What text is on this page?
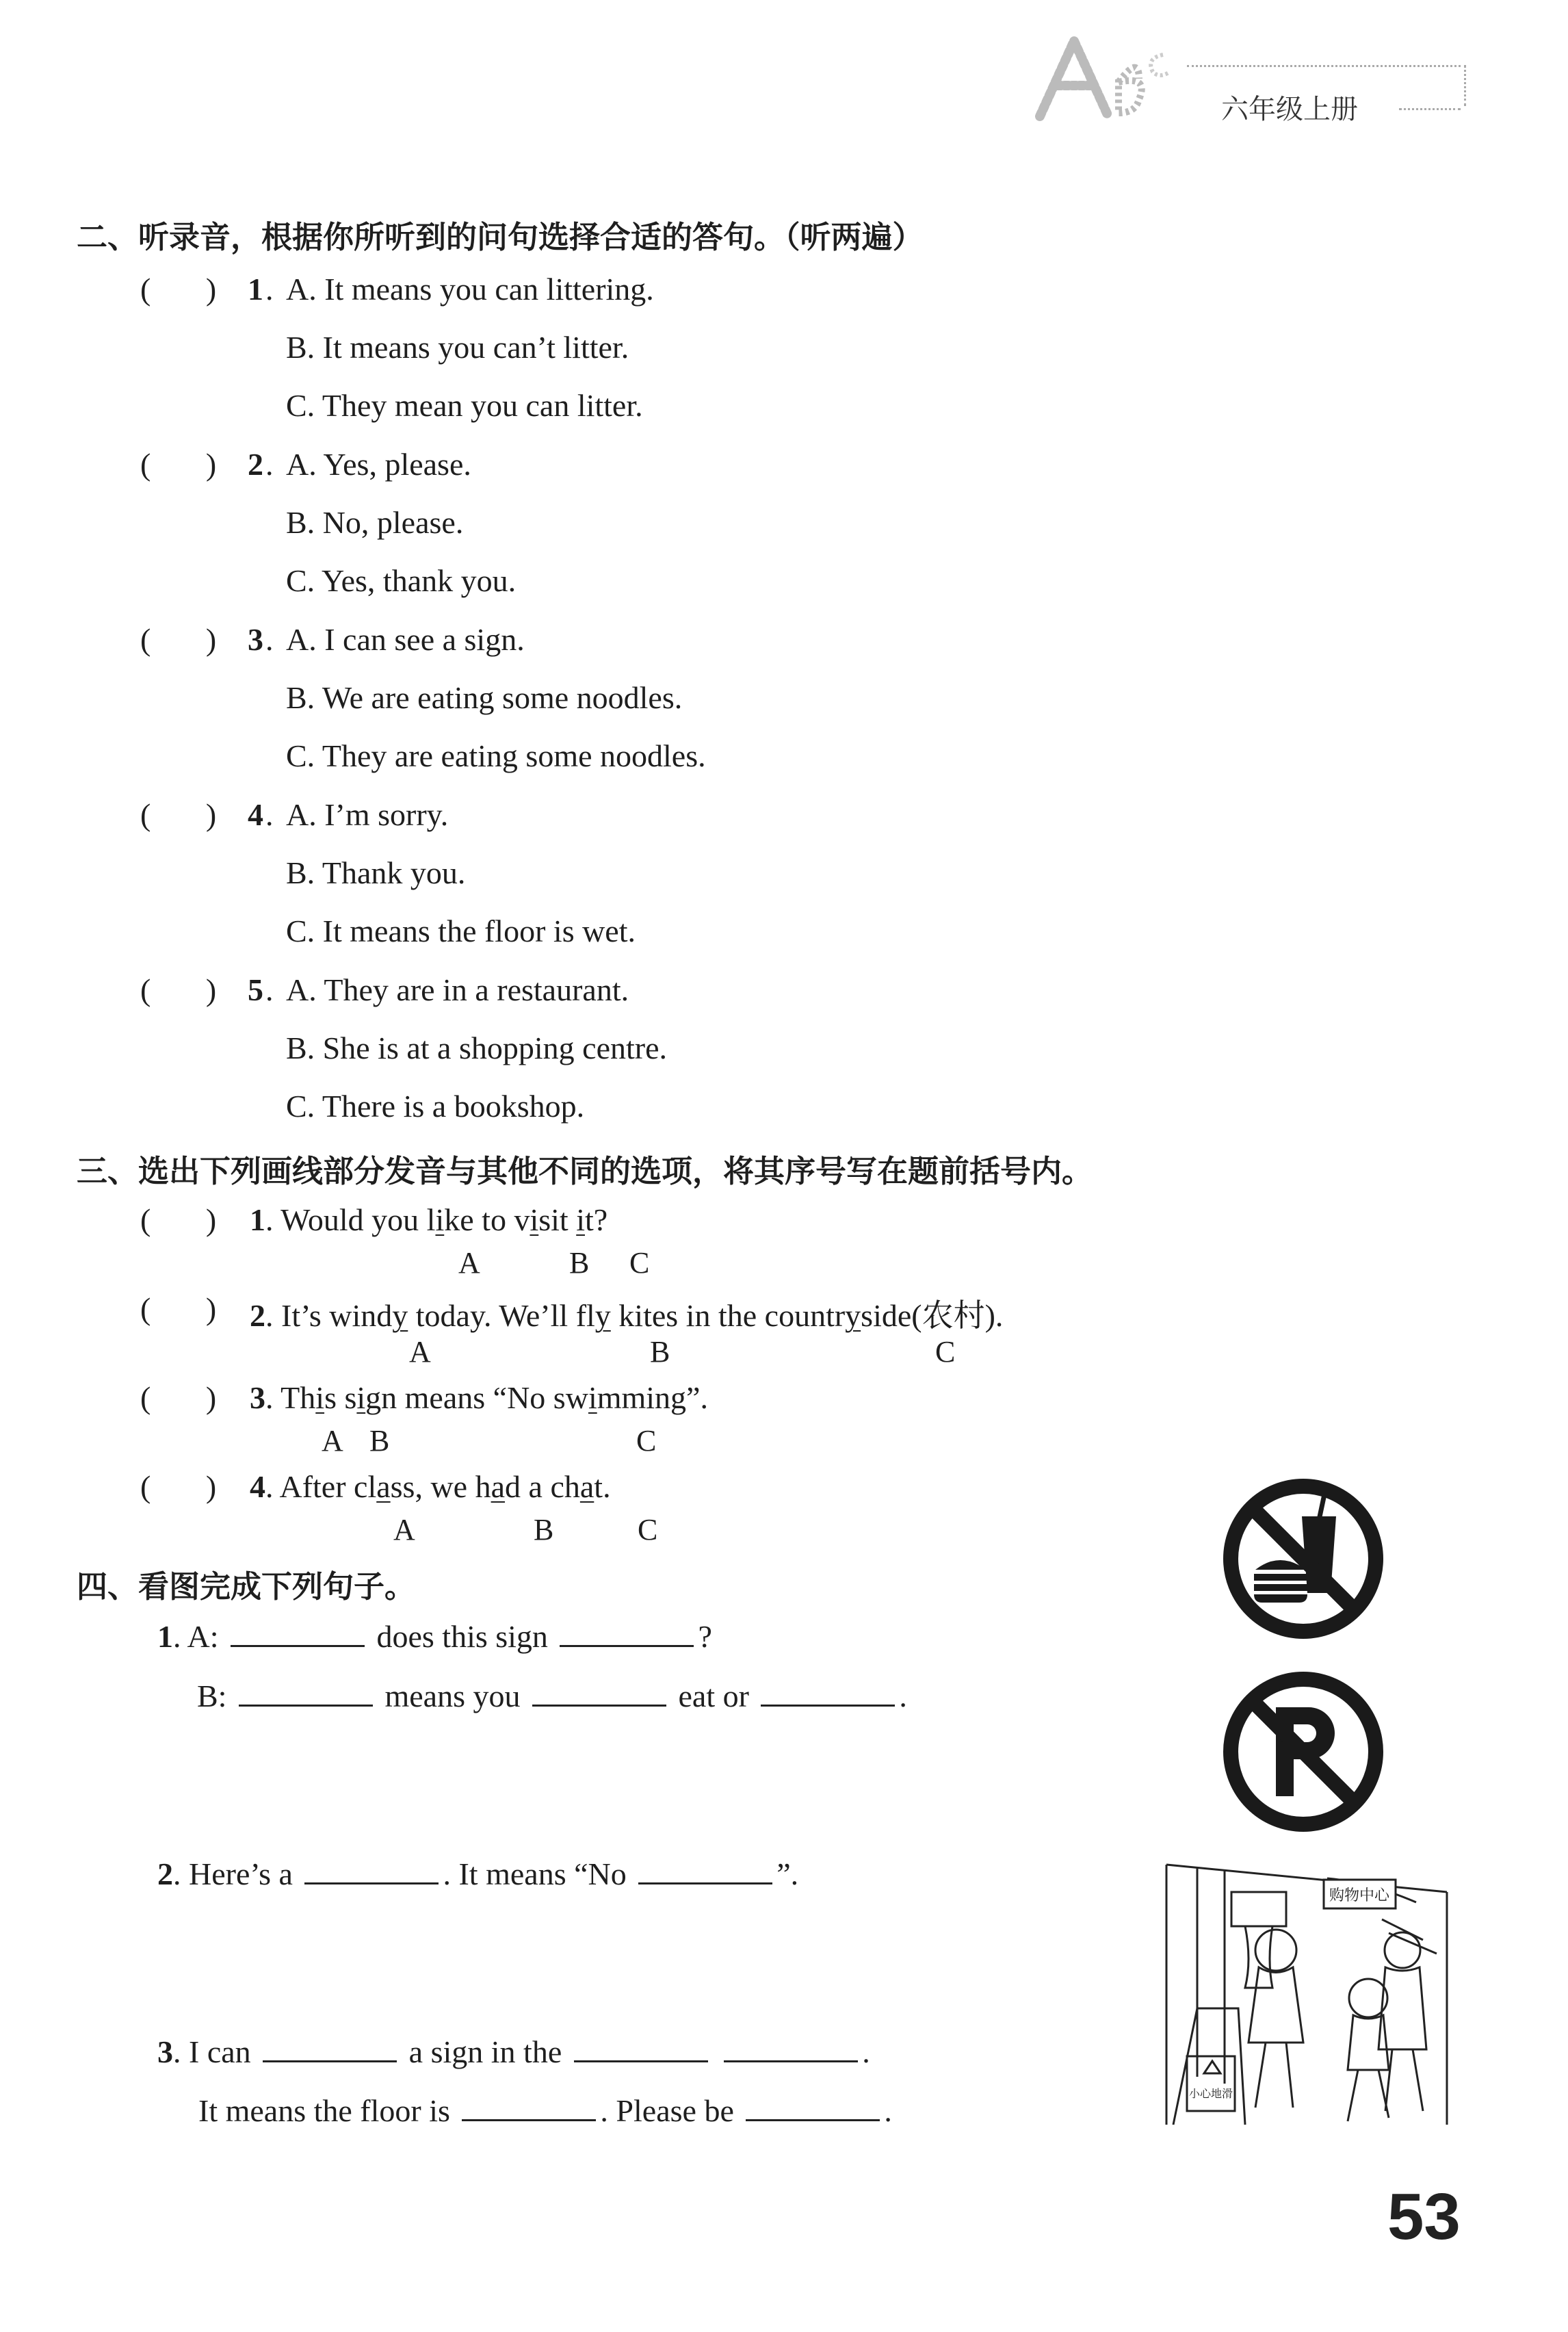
六年级上册
二、听录音，根据你所听到的问句选择合适的答句。（听两遍）
(       ) 1 . A. It means you can littering.
B. It means you can’t litter.
C. They mean you can litter.
(       ) 2 . A. Yes, please.
B. No, please.
C. Yes, thank you.
(       ) 3 . A. I can see a sign.
B. We are eating some noodles.
C. They are eating some noodles.
(       ) 4 . A. I’m sorry.
B. Thank you.
C. It means the floor is wet.
(       ) 5 . A. They are in a restaurant.
B. She is at a shopping centre.
C. There is a bookshop.
三、选出下列画线部分发音与其他不同的选项，将其序号写在题前括号内。
(       ) 1. Would you like to visit it?
A	B C
(       ) 2. It’s windy today. We’ll fly kites in the countryside(农村).
A	B	C
(       ) 3. This sign means “No swimming”.
A B	C
(       ) 4. After class, we had a chat.
A	B	C
四、看图完成下列句子。
1. A:	does this sign	?
B:	means you	eat or	.
2. Here’s a	. It means “No	”.
3. I can	a sign in the	.
It means the floor is	. Please be	.
购物中心
小心地滑
53
